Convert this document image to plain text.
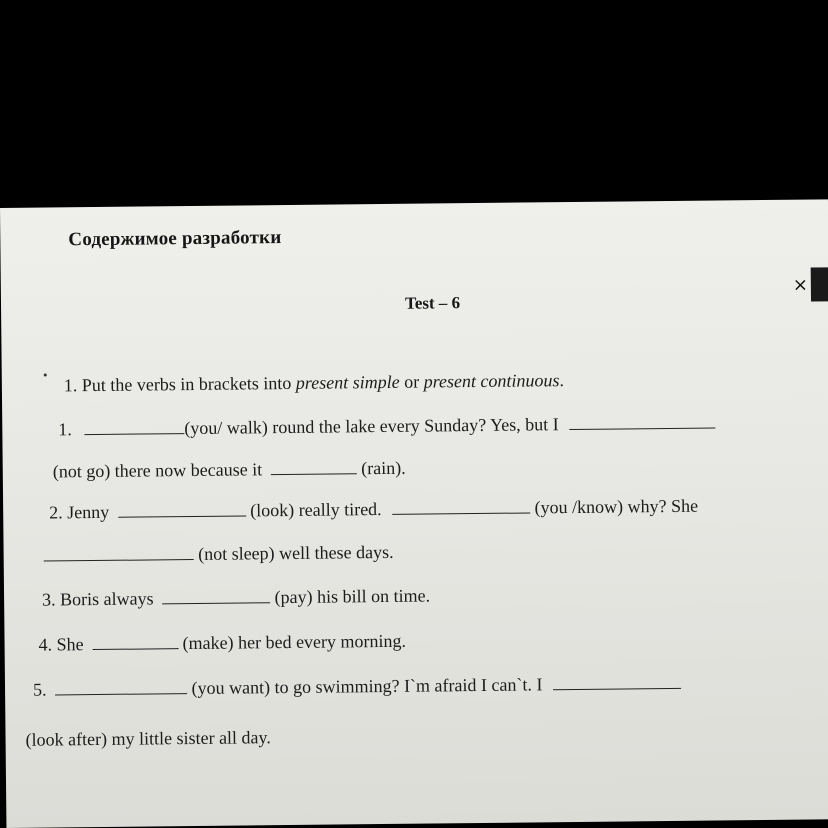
Содержимое разработки
×
Test – 6
1. Put the verbs in brackets into present simple or present continuous.
1.	(you/ walk) round the lake every Sunday? Yes, but I
(not go) there now because it	(rain).
2. Jenny	(look) really tired.	(you /know) why? She
(not sleep) well these days.
3. Boris always	(pay) his bill on time.
4. She	(make) her bed every morning.
5.	(you want) to go swimming? I`m afraid I can`t. I
(look after) my little sister all day.
